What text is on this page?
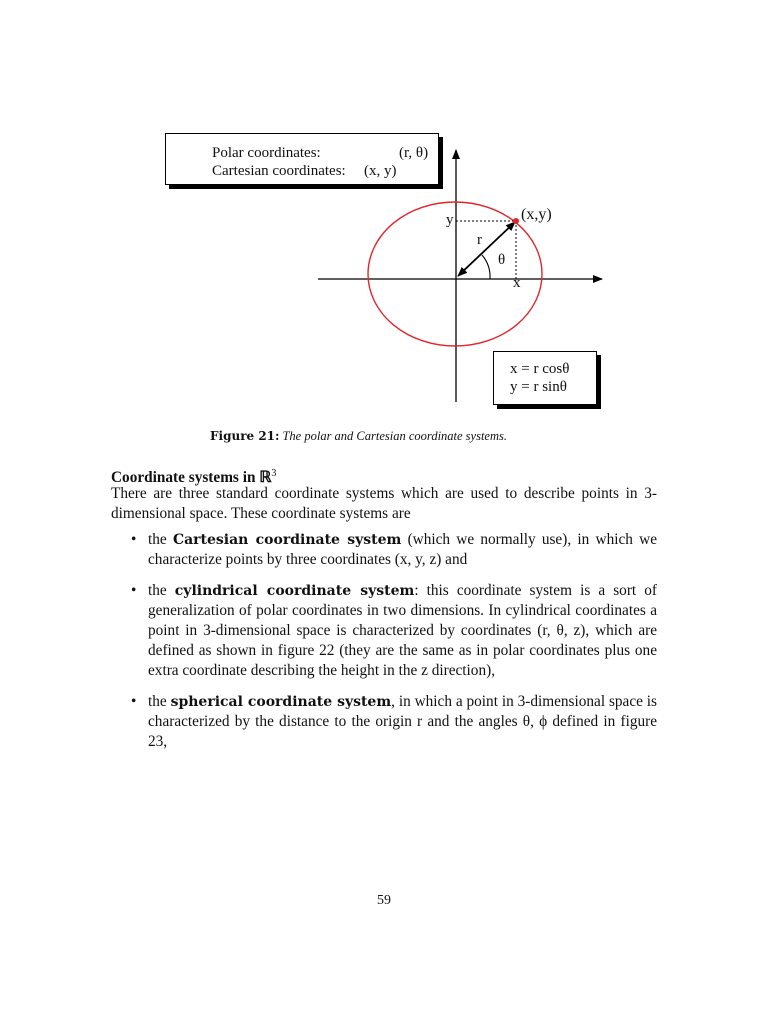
Polar coordinates:	(r, θ)
Cartesian coordinates: (x, y)
(x,y)
y
x
r
θ
x = r cosθ
y = r sinθ
Figure 21: The polar and Cartesian coordinate systems.
Coordinate systems in ℝ$^3$
There are three standard coordinate systems which are used to describe points in 3-dimensional space. These coordinate systems are
• the Cartesian coordinate system (which we normally use), in which we characterize points by three coordinates (x, y, z) and
• the cylindrical coordinate system: this coordinate system is a sort of generalization of polar coordinates in two dimensions. In cylindrical coordinates a point in 3-dimensional space is characterized by coordinates (r, θ, z), which are defined as shown in figure 22 (they are the same as in polar coordinates plus one extra coordinate describing the height in the z direction),
• the spherical coordinate system, in which a point in 3-dimensional space is characterized by the distance to the origin r and the angles θ, ϕ defined in figure 23,
59
